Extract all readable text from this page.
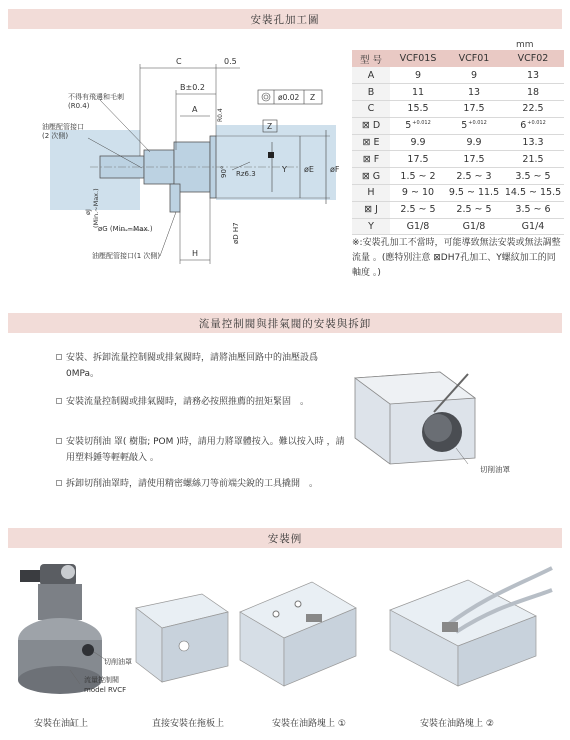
安裝孔加工圖
C	0.5
B±0.2
A
H
Y øE øF
øD H7
90° Rz6.3
R0.4
ø0.02 Z
Z
øJ (Min.~Max.)
不得有飛邊和毛刺
(R0.4)
油壓配管接口
(2 次側)
øG (Min.~Max.)
油壓配管接口(1 次側)
mm
型 号	VCF01S	VCF01	VCF02
A	9	9	13
B	11	13	18
C	15.5	17.5	22.5
⊠ D	$5^{+0.012}$	$5^{+0.012}$	$6^{+0.012}$
⊠ E	9.9	9.9	13.3
⊠ F	17.5	17.5	21.5
⊠ G	1.5 ~ 2	2.5 ~ 3	3.5 ~ 5
H	9 ~ 10	9.5 ~ 11.5	14.5 ~ 15.5
⊠ J	2.5 ~ 5	2.5 ~ 5	3.5 ~ 6
Y	G1/8	G1/8	G1/4
※:安裝孔加工不當時，可能導致無法安裝或無法調整流量 。(應特別注意 ⊠DH7孔加工、Y螺紋加工的同軸度 。)
流量控制閥與排氣閥的安裝與拆卸
安裝、拆卸流量控制閥或排氣閥時，請將油壓回路中的油壓設爲0MPa。
安裝流量控制閥或排氣閥時，請務必按照推薦的扭矩緊固　。
安裝切削油 罩( 樹脂; POM )時，請用力將罩體按入。難以按入時 ，請用塑料錘等輕輕敲入 。
拆卸切削油罩時，請使用精密螺絲刀等前端尖銳的工具撬開　。
切削油罩
安裝例
切削油罩
流量控制閥
model RVCF
安裝在油缸上	直接安裝在拖板上	安裝在油路塊上 ①	安裝在油路塊上 ②
